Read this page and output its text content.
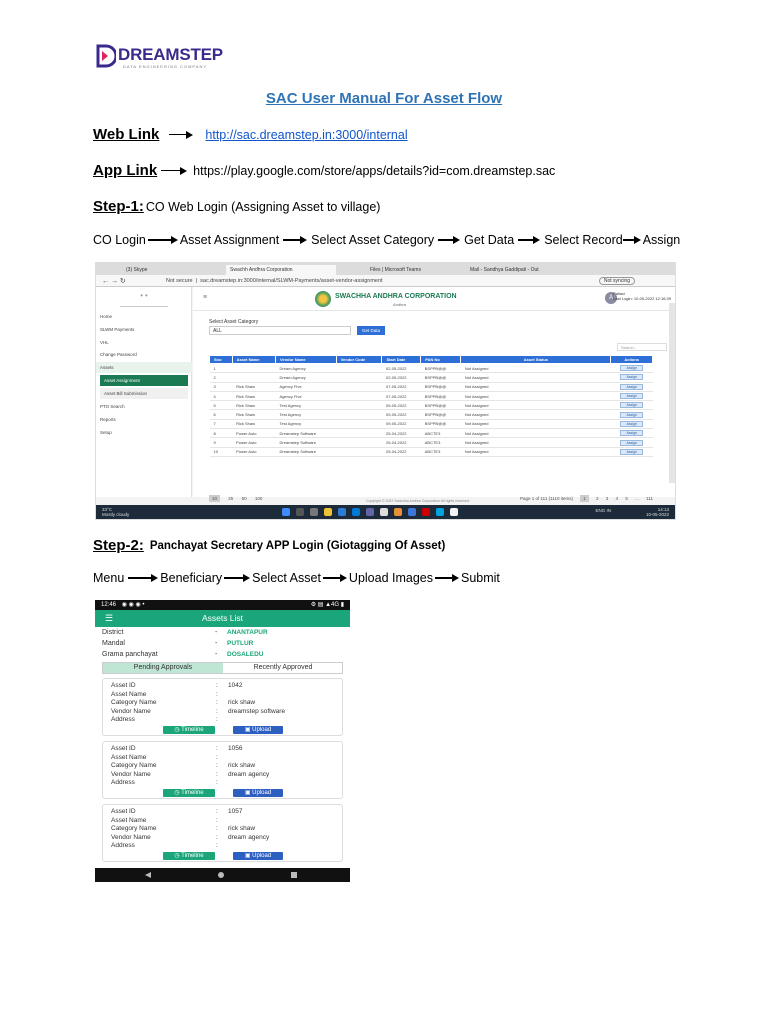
DREAMSTEP
DATA ENGINEERING COMPANY
SAC User Manual For Asset Flow
Web Link	http://sac.dreamstep.in:3000/internal
App Link	https://play.google.com/store/apps/details?id=com.dreamstep.sac
Step-1: CO Web Login (Assigning Asset to village)
CO Login	Asset Assignment	Select Asset Category Get Data Select Record Assign
(3) Skype	Swachh Andhra Corporation	Files | Microsoft Teams	Mail - Sandhya Gaddipati - Out
← → ↻	Not secure  |  sac.dreamstep.in:3000/internal/SLWM-Payments/asset-vendor-assignment	Not syncing
⚘ ⚘
Home
SLWM Payments
VHL
Change Password
Assets
Asset Assignment
Asset Bill Submission
PTO Search
Reports
Setup
≡	SWACHHA ANDHRA CORPORATION
Andhra
A
Pallavi
Last Login: 10-05-2022 12:16:39
Select Asset Category
ALL	Get Data
Search...
Sno	Asset Name	Vendor Name	Vendor Code	Start Date	PAN No	Asset Status	Actions
1		Dream Agency		02-05-2022	BSPPB@@	Not Assigned	Assign
2		Dream Agency		02-05-2022	BSPPB@@	Not Assigned	Assign
3	Rick Shaw	Agency Five		07-05-2022	BSPPB@@	Not Assigned	Assign
4	Rick Shaw	Agency Five		07-05-2022	BSPPB@@	Not Assigned	Assign
5	Rick Shaw	Test Agency		09-05-2022	BSPPB@@	Not Assigned	Assign
6	Rick Shaw	Test Agency		09-05-2022	BSPPB@@	Not Assigned	Assign
7	Rick Shaw	Test Agency		09-05-2022	BSPPB@@	Not Assigned	Assign
8	Power Auto	Dreamstep Software		25-04-2022	ABCTE3	Not Assigned	Assign
9	Power Auto	Dreamstep Software		25-04-2022	ABCTE3	Not Assigned	Assign
10	Power Auto	Dreamstep Software		25-04-2022	ABCTE3	Not Assigned	Assign
10	25 50 100	Page 1 of 111 (1110 items) 1 2 3 4 5 ... 111
Copyright © 2022 Swachha Andhra Corporation All rights reserved.
33°C
Mostly cloudy
ENG IN	14:13
10-05-2022
Step-2: Panchayat Secretary APP Login (Giotagging Of Asset)
Menu	Beneficiary Select Asset Upload Images Submit
12:46 ◉ ◉ ◉ •	⚙ ▤ ▲4G ▮
☰	Assets List
District	- ANANTAPUR
Mandal	- PUTLUR
Grama panchayat	- DOSALEDU
Pending Approvals	Recently Approved
Asset ID	: 1042
Asset Name	:
Category Name	: rick shaw
Vendor Name	: dreamstep software
Address	:
◷ Timeline	▣ Upload
Asset ID	: 1056
Asset Name	:
Category Name	: rick shaw
Vendor Name	: dream agency
Address	:
◷ Timeline	▣ Upload
Asset ID	: 1057
Asset Name	:
Category Name	: rick shaw
Vendor Name	: dream agency
Address	:
◷ Timeline	▣ Upload
